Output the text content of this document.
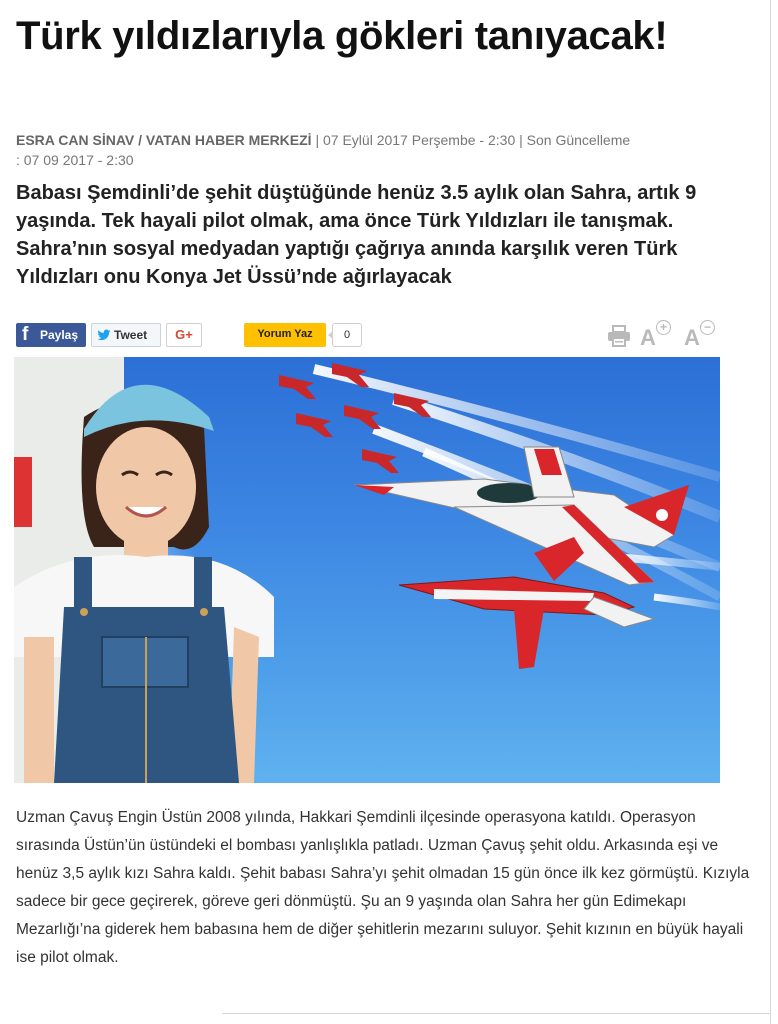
Türk yıldızlarıyla gökleri tanıyacak!
ESRA CAN SİNAV / VATAN HABER MERKEZİ | 07 Eylül 2017 Perşembe - 2:30 | Son Güncelleme
: 07 09 2017 - 2:30

Babası Şemdinli’de şehit düştüğünde henüz 3.5 aylık olan Sahra, artık 9 yaşında. Tek hayali pilot olmak, ama önce Türk Yıldızları ile tanışmak. Sahra’nın sosyal medyadan yaptığı çağrıya anında karşılık veren Türk Yıldızları onu Konya Jet Üssü’nde ağırlayacak

f Paylaş	Tweet	G+	Yorum Yaz	0	A + A −

Uzman Çavuş Engin Üstün 2008 yılında, Hakkari Şemdinli ilçesinde operasyona katıldı. Operasyon sırasında Üstün’ün üstündeki el bombası yanlışlıkla patladı. Uzman Çavuş şehit oldu. Arkasında eşi ve henüz 3,5 aylık kızı Sahra kaldı. Şehit babası Sahra’yı şehit olmadan 15 gün önce ilk kez görmüştü. Kızıyla sadece bir gece geçirerek, göreve geri dönmüştü. Şu an 9 yaşında olan Sahra her gün Edimekapı Mezarlığı’na giderek hem babasına hem de diğer şehitlerin mezarını suluyor. Şehit kızının en büyük hayali ise pilot olmak.
